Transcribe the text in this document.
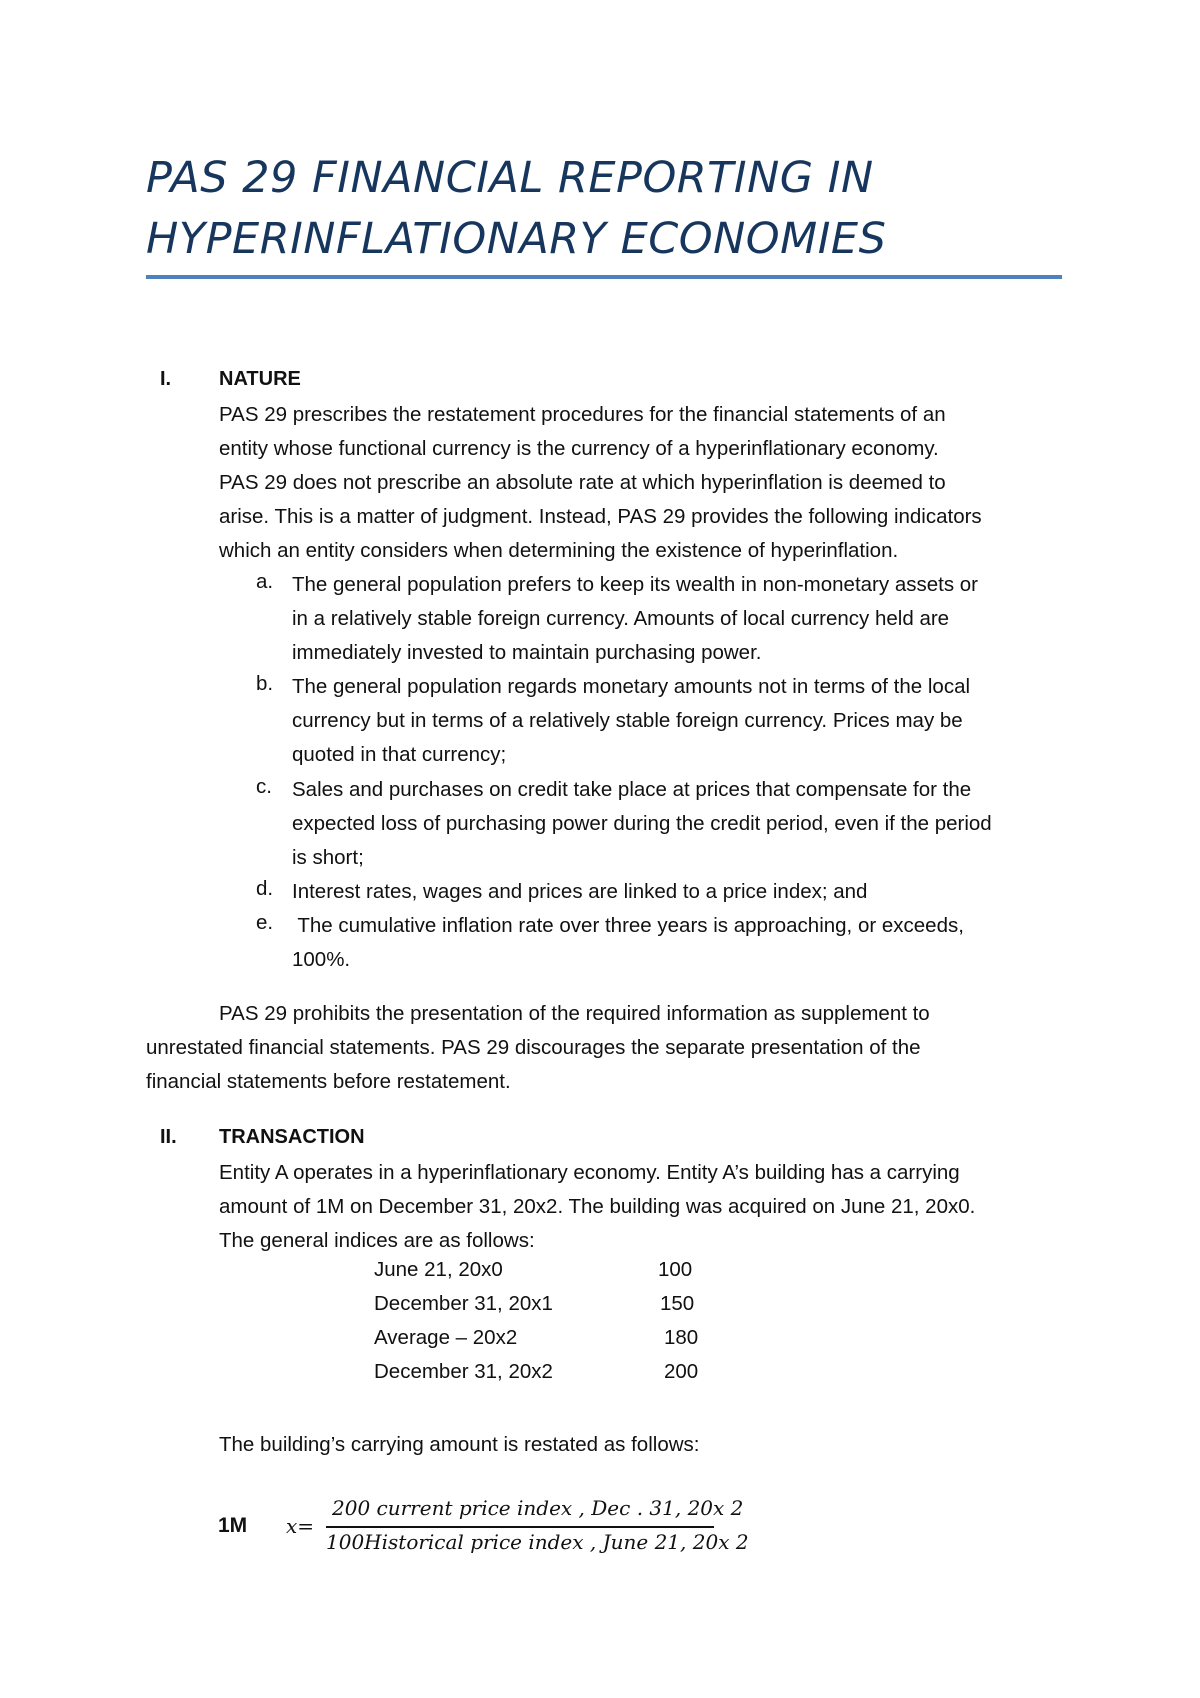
PAS 29 FINANCIAL REPORTING IN
HYPERINFLATIONARY ECONOMIES
I. NATURE
PAS 29 prescribes the restatement procedures for the financial statements of an
entity whose functional currency is the currency of a hyperinflationary economy.
PAS 29 does not prescribe an absolute rate at which hyperinflation is deemed to
arise. This is a matter of judgment. Instead, PAS 29 provides the following indicators
which an entity considers when determining the existence of hyperinflation.
a. The general population prefers to keep its wealth in non-monetary assets or
in a relatively stable foreign currency. Amounts of local currency held are
immediately invested to maintain purchasing power.
b. The general population regards monetary amounts not in terms of the local
currency but in terms of a relatively stable foreign currency. Prices may be
quoted in that currency;
c. Sales and purchases on credit take place at prices that compensate for the
expected loss of purchasing power during the credit period, even if the period
is short;
d. Interest rates, wages and prices are linked to a price index; and
e. The cumulative inflation rate over three years is approaching, or exceeds,
100%.
PAS 29 prohibits the presentation of the required information as supplement to
unrestated financial statements. PAS 29 discourages the separate presentation of the
financial statements before restatement.
II. TRANSACTION
Entity A operates in a hyperinflationary economy. Entity A’s building has a carrying
amount of 1M on December 31, 20x2. The building was acquired on June 21, 20x0.
The general indices are as follows:
June 21, 20x0	100
December 31, 20x1	150
Average – 20x2	180
December 31, 20x2	200
The building’s carrying amount is restated as follows:
1M x=
200 current price index , Dec . 31, 20x 2
100Historical price index , June 21, 20x 2
